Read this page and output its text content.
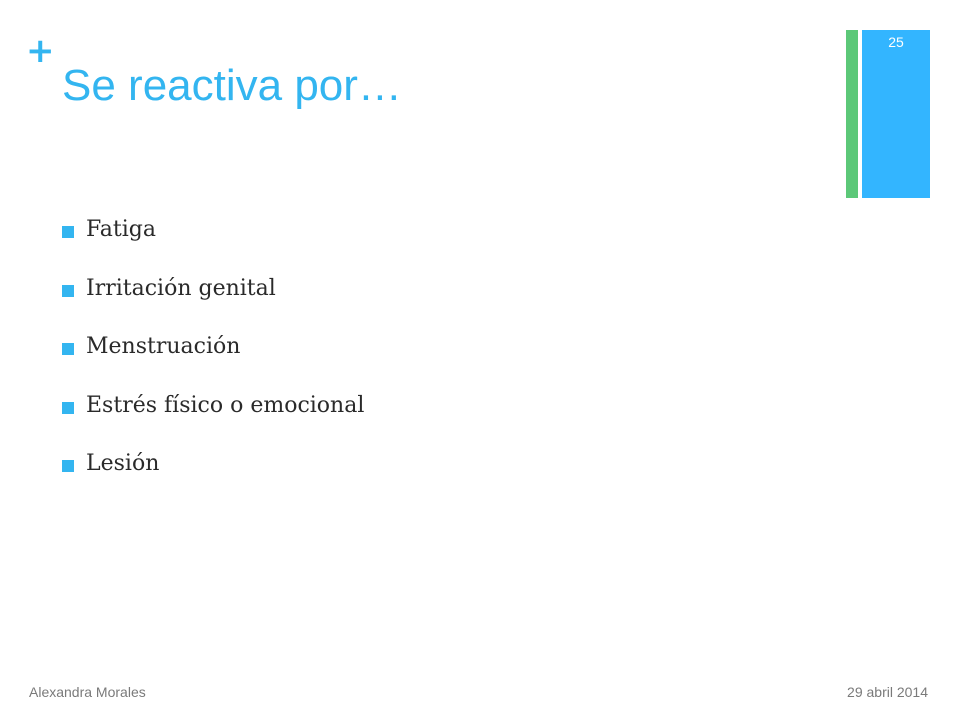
+
Se reactiva por…
25
Fatiga
Irritación genital
Menstruación
Estrés físico o emocional
Lesión
Alexandra Morales	29 abril 2014
